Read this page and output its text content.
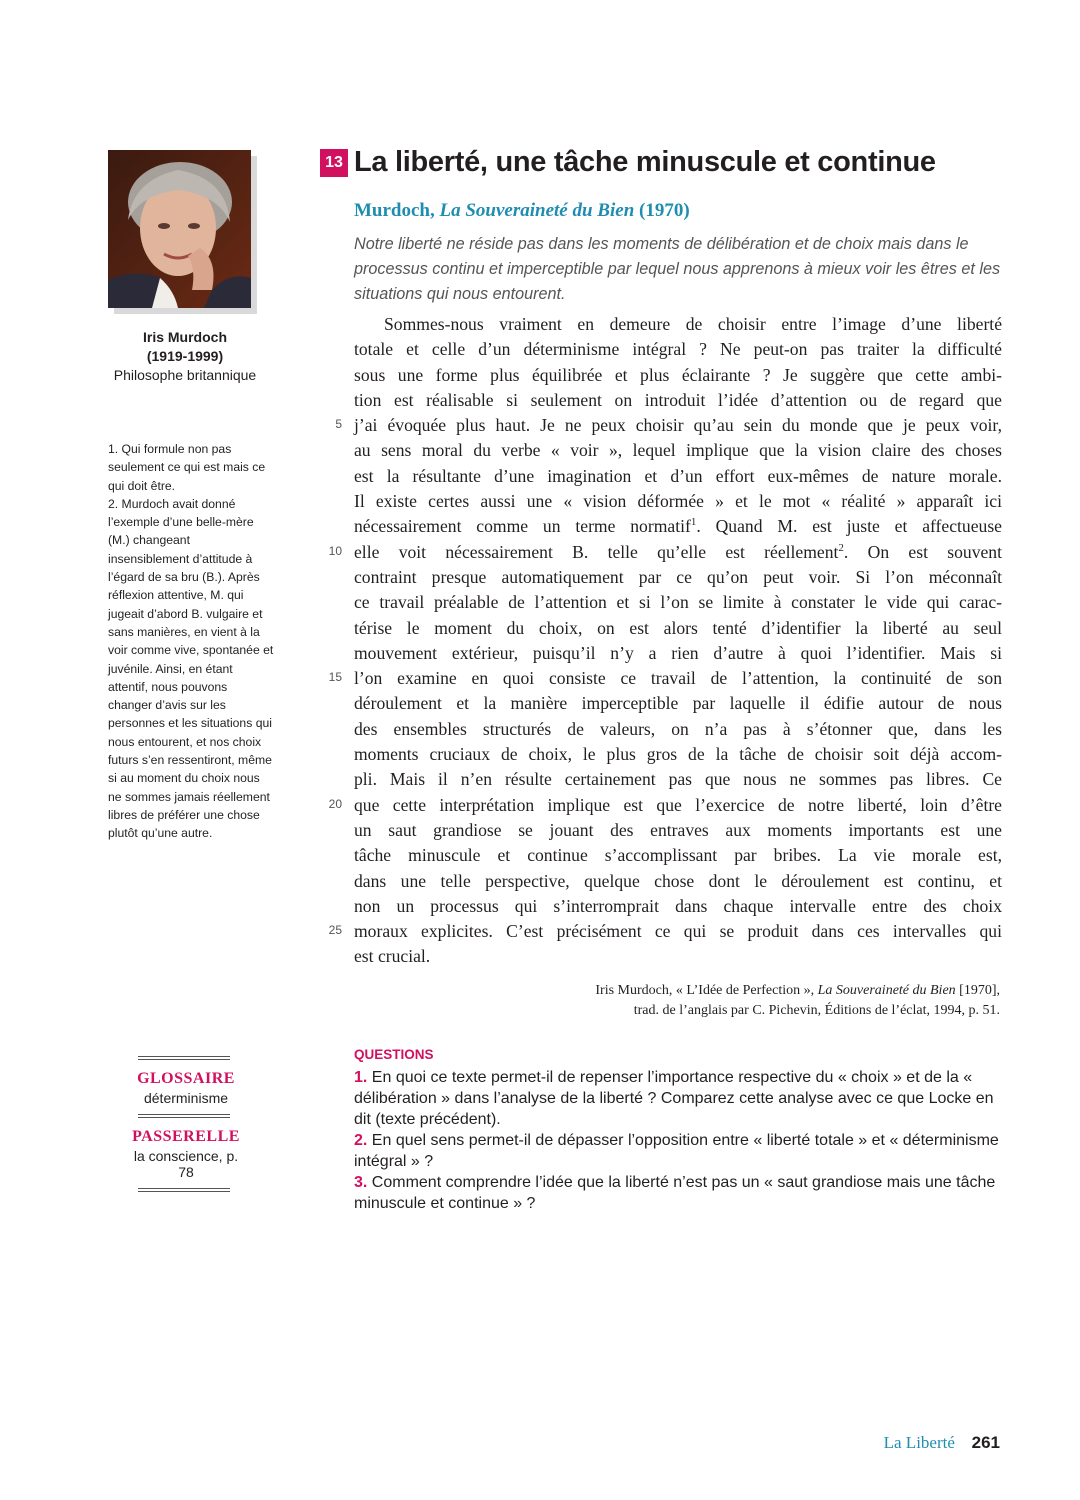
Iris Murdoch
(1919-1999)
Philosophe britannique

1. Qui formule non pas seulement ce qui est mais ce qui doit être.

2. Murdoch avait donné l’exemple d’une belle-mère (M.) changeant insensiblement d’attitude à l’égard de sa bru (B.). Après réflexion attentive, M. qui jugeait d’abord B. vulgaire et sans manières, en vient à la voir comme vive, spontanée et juvénile. Ainsi, en étant attentif, nous pouvons changer d’avis sur les personnes et les situations qui nous entourent, et nos choix futurs s’en ressentiront, même si au moment du choix nous ne sommes jamais réellement libres de préférer une chose plutôt qu’une autre.

GLOSSAIRE
déterminisme
PASSERELLE
la conscience, p. 78
13 La liberté, une tâche minuscule et continue
Murdoch, La Souveraineté du Bien (1970)
Notre liberté ne réside pas dans les moments de délibération et de choix mais dans le processus continu et imperceptible par lequel nous apprenons à mieux voir les êtres et les situations qui nous entourent.
Sommes-nous vraiment en demeure de choisir entre l’image d’une liberté
totale et celle d’un déterminisme intégral ? Ne peut-on pas traiter la difficulté
sous une forme plus équilibrée et plus éclairante ? Je suggère que cette ambi-
tion est réalisable si seulement on introduit l’idée d’attention ou de regard que
j’ai évoquée plus haut. Je ne peux choisir qu’au sein du monde que je peux voir,
au sens moral du verbe « voir », lequel implique que la vision claire des choses
est la résultante d’une imagination et d’un effort eux-mêmes de nature morale.
Il existe certes aussi une « vision déformée » et le mot « réalité » apparaît ici
nécessairement comme un terme normatif$^1$. Quand M. est juste et affectueuse
elle voit nécessairement B. telle qu’elle est réellement$^2$. On est souvent
contraint presque automatiquement par ce qu’on peut voir. Si l’on méconnaît
ce travail préalable de l’attention et si l’on se limite à constater le vide qui carac-
térise le moment du choix, on est alors tenté d’identifier la liberté au seul
mouvement extérieur, puisqu’il n’y a rien d’autre à quoi l’identifier. Mais si
l’on examine en quoi consiste ce travail de l’attention, la continuité de son
déroulement et la manière imperceptible par laquelle il édifie autour de nous
des ensembles structurés de valeurs, on n’a pas à s’étonner que, dans les
moments cruciaux de choix, le plus gros de la tâche de choisir soit déjà accom-
pli. Mais il n’en résulte certainement pas que nous ne sommes pas libres. Ce
que cette interprétation implique est que l’exercice de notre liberté, loin d’être
un saut grandiose se jouant des entraves aux moments importants est une
tâche minuscule et continue s’accomplissant par bribes. La vie morale est,
dans une telle perspective, quelque chose dont le déroulement est continu, et
non un processus qui s’interromprait dans chaque intervalle entre des choix
moraux explicites. C’est précisément ce qui se produit dans ces intervalles qui
est crucial.
5
10
15
20
25
Iris Murdoch, « L’Idée de Perfection », La Souveraineté du Bien [1970],
trad. de l’anglais par C. Pichevin, Éditions de l’éclat, 1994, p. 51.
QUESTIONS

1. En quoi ce texte permet-il de repenser l’importance respective du « choix » et de la « délibération » dans l’analyse de la liberté ? Comparez cette analyse avec ce que Locke en dit (texte précédent).

2. En quel sens permet-il de dépasser l’opposition entre « liberté totale » et « déterminisme intégral » ?

3. Comment comprendre l’idée que la liberté n’est pas un « saut grandiose mais une tâche minuscule et continue » ?

La Liberté 261
